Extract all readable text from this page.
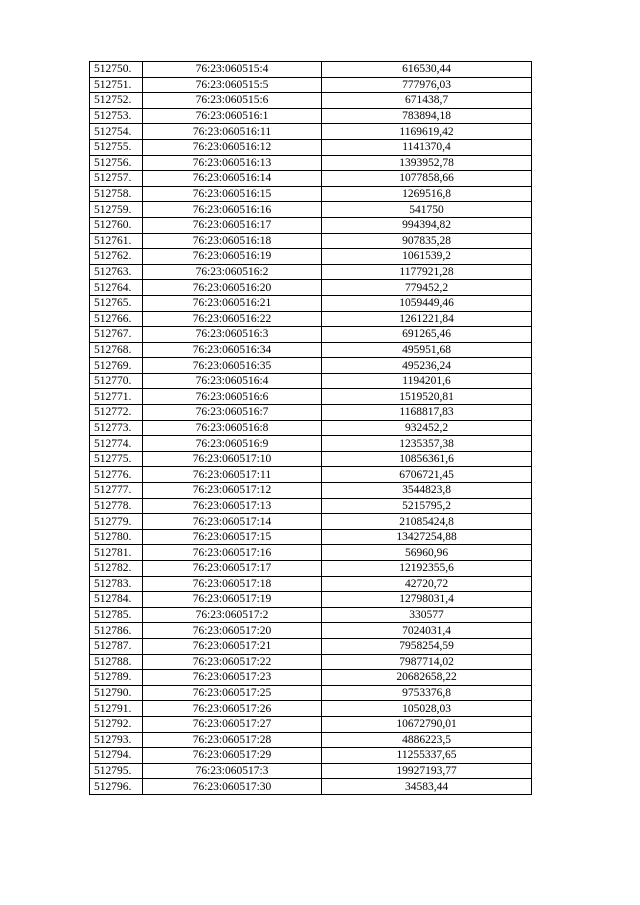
512750.	76:23:060515:4	616530,44
512751.	76:23:060515:5	777976,03
512752.	76:23:060515:6	671438,7
512753.	76:23:060516:1	783894,18
512754.	76:23:060516:11	1169619,42
512755.	76:23:060516:12	1141370,4
512756.	76:23:060516:13	1393952,78
512757.	76:23:060516:14	1077858,66
512758.	76:23:060516:15	1269516,8
512759.	76:23:060516:16	541750
512760.	76:23:060516:17	994394,82
512761.	76:23:060516:18	907835,28
512762.	76:23:060516:19	1061539,2
512763.	76:23:060516:2	1177921,28
512764.	76:23:060516:20	779452,2
512765.	76:23:060516:21	1059449,46
512766.	76:23:060516:22	1261221,84
512767.	76:23:060516:3	691265,46
512768.	76:23:060516:34	495951,68
512769.	76:23:060516:35	495236,24
512770.	76:23:060516:4	1194201,6
512771.	76:23:060516:6	1519520,81
512772.	76:23:060516:7	1168817,83
512773.	76:23:060516:8	932452,2
512774.	76:23:060516:9	1235357,38
512775.	76:23:060517:10	10856361,6
512776.	76:23:060517:11	6706721,45
512777.	76:23:060517:12	3544823,8
512778.	76:23:060517:13	5215795,2
512779.	76:23:060517:14	21085424,8
512780.	76:23:060517:15	13427254,88
512781.	76:23:060517:16	56960,96
512782.	76:23:060517:17	12192355,6
512783.	76:23:060517:18	42720,72
512784.	76:23:060517:19	12798031,4
512785.	76:23:060517:2	330577
512786.	76:23:060517:20	7024031,4
512787.	76:23:060517:21	7958254,59
512788.	76:23:060517:22	7987714,02
512789.	76:23:060517:23	20682658,22
512790.	76:23:060517:25	9753376,8
512791.	76:23:060517:26	105028,03
512792.	76:23:060517:27	10672790,01
512793.	76:23:060517:28	4886223,5
512794.	76:23:060517:29	11255337,65
512795.	76:23:060517:3	19927193,77
512796.	76:23:060517:30	34583,44
